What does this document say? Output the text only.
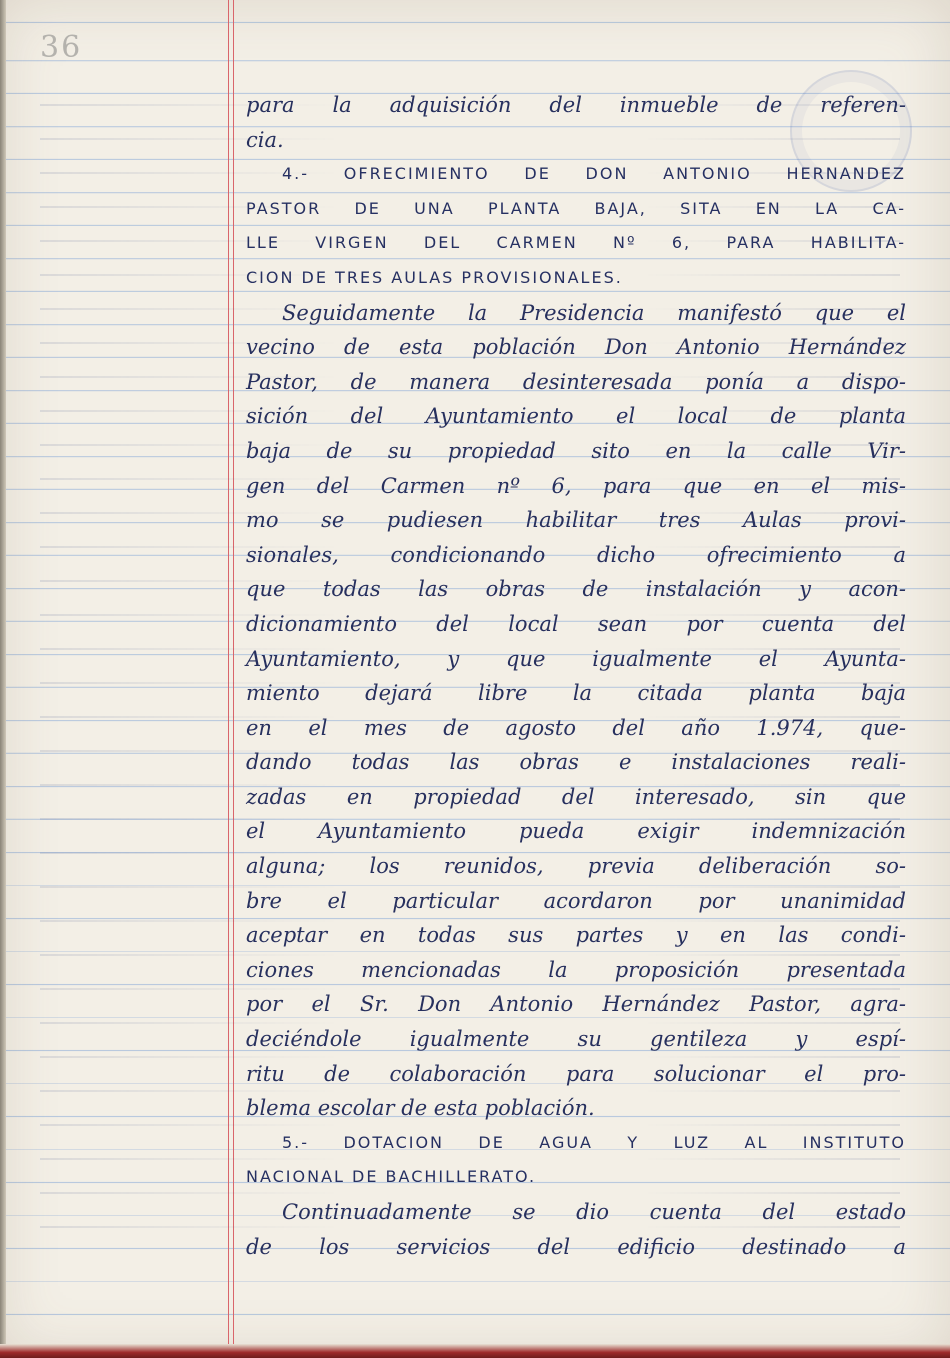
36
para la adquisición del inmueble de referen-
cia.
4.- OFRECIMIENTO DE DON ANTONIO HERNANDEZ
PASTOR DE UNA PLANTA BAJA, SITA EN LA CA-
LLE VIRGEN DEL CARMEN Nº 6, PARA HABILITA-
CION DE TRES AULAS PROVISIONALES.
Seguidamente la Presidencia manifestó que el
vecino de esta población Don Antonio Hernández
Pastor, de manera desinteresada ponía a dispo-
sición del Ayuntamiento el local de planta
baja de su propiedad sito en la calle Vir-
gen del Carmen nº 6, para que en el mis-
mo se pudiesen habilitar tres Aulas provi-
sionales, condicionando dicho ofrecimiento a
que todas las obras de instalación y acon-
dicionamiento del local sean por cuenta del
Ayuntamiento, y que igualmente el Ayunta-
miento dejará libre la citada planta baja
en el mes de agosto del año 1.974, que-
dando todas las obras e instalaciones reali-
zadas en propiedad del interesado, sin que
el Ayuntamiento pueda exigir indemnización
alguna; los reunidos, previa deliberación so-
bre el particular acordaron por unanimidad
aceptar en todas sus partes y en las condi-
ciones mencionadas la proposición presentada
por el Sr. Don Antonio Hernández Pastor, agra-
deciéndole igualmente su gentileza y espí-
ritu de colaboración para solucionar el pro-
blema escolar de esta población.
5.- DOTACION DE AGUA Y LUZ AL INSTITUTO
NACIONAL DE BACHILLERATO.
Continuadamente se dio cuenta del estado
de los servicios del edificio destinado a
